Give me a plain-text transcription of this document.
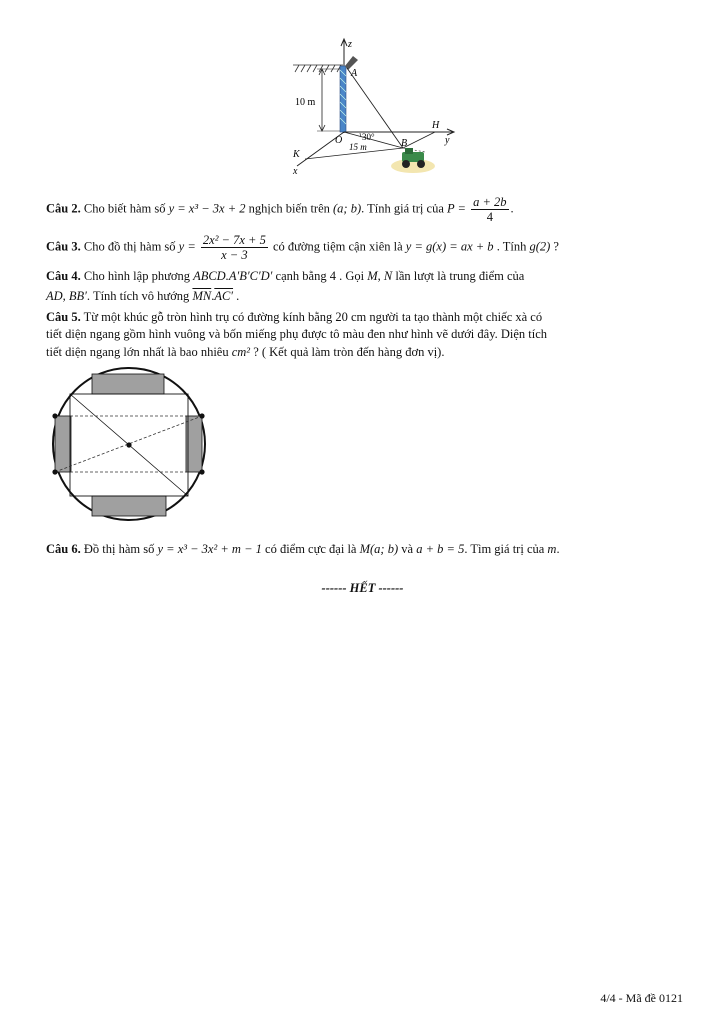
z
A
10 m
H
y
O 30°
15 m
K
B
x
Câu 2. Cho biết hàm số y = x³ − 3x + 2 nghịch biến trên (a; b). Tính giá trị của $P = \frac{a + 2b}{4}$ .
Câu 3. Cho đồ thị hàm số $y = \frac{\text{2x² − 7x + 5}}{x - 3}$ có đường tiệm cận xiên là y = g(x) = ax + b . Tính g(2) ?
Câu 4. Cho hình lập phương ABCD.A′B′C′D′ cạnh bằng 4 . Gọi M, N lần lượt là trung điểm của
AD, BB′. Tính tích vô hướng $\overline{MN}.AC'$ .
Câu 5. Từ một khúc gỗ tròn hình trụ có đường kính bằng 20 cm người ta tạo thành một chiếc xà có
tiết diện ngang gồm hình vuông và bốn miếng phụ được tô màu đen như hình vẽ dưới đây. Diện tích
tiết diện ngang lớn nhất là bao nhiêu cm² ? ( Kết quả làm tròn đến hàng đơn vị).
Câu 6. Đồ thị hàm số y = x³ − 3x² + m − 1 có điểm cực đại là M(a; b) và a + b = 5. Tìm giá trị của m.
------ HẾT ------
4/4 - Mã đề 0121
